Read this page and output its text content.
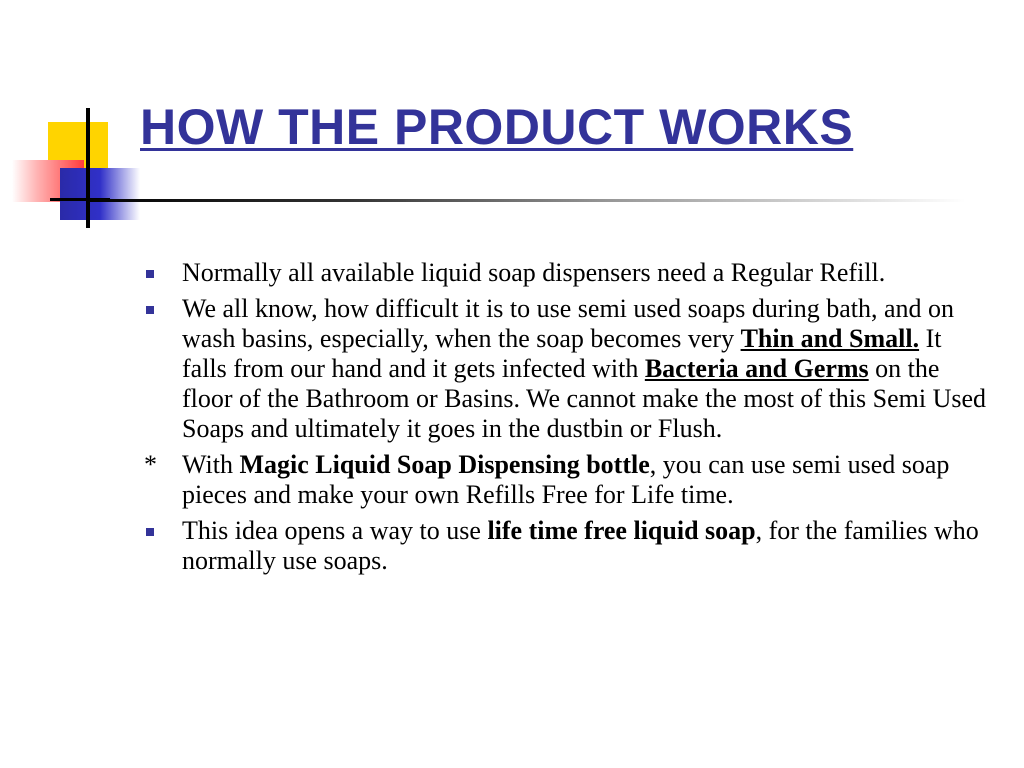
HOW THE PRODUCT WORKS
Normally all available liquid soap dispensers need a Regular Refill.
We all know, how difficult it is to use semi used soaps during bath, and on wash basins, especially, when the soap becomes very Thin and Small. It falls from our hand and it gets infected with Bacteria and Germs on the floor of the Bathroom or Basins. We cannot make the most of this Semi Used Soaps and ultimately it goes in the dustbin or Flush.
* With Magic Liquid Soap Dispensing bottle, you can use semi used soap pieces and make your own Refills Free for Life time.
This idea opens a way to use life time free liquid soap, for the families who normally use soaps.
